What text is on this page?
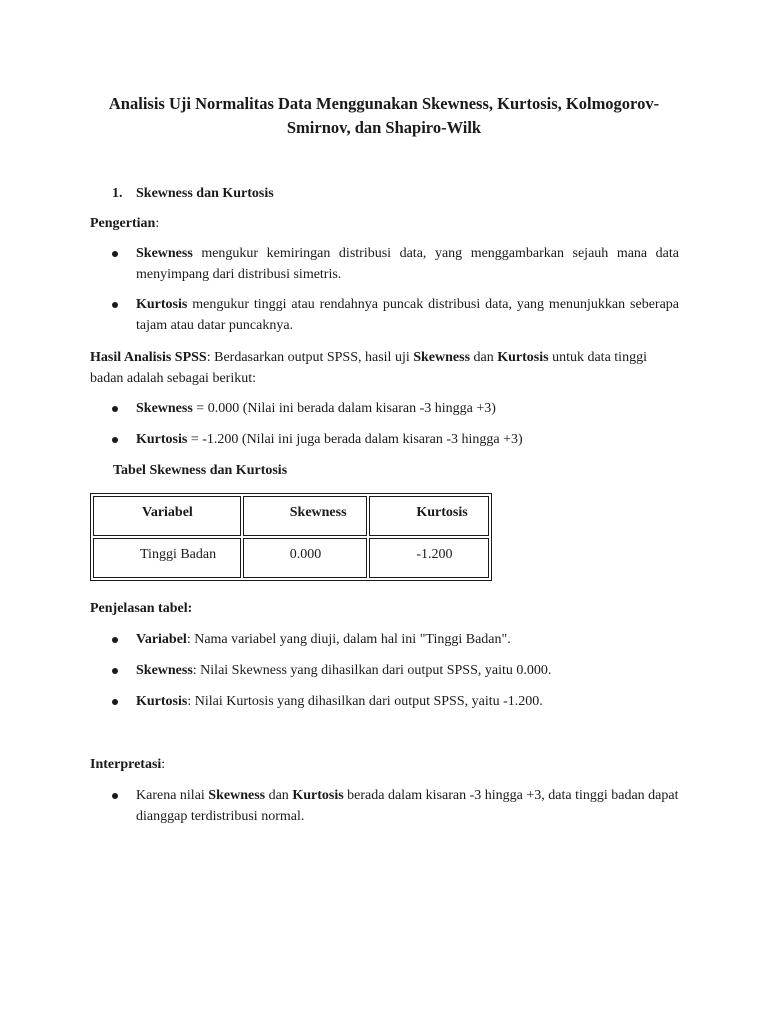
Analisis Uji Normalitas Data Menggunakan Skewness, Kurtosis, Kolmogorov-Smirnov, dan Shapiro-Wilk
1. Skewness dan Kurtosis
Pengertian:
Skewness mengukur kemiringan distribusi data, yang menggambarkan sejauh mana data menyimpang dari distribusi simetris.
Kurtosis mengukur tinggi atau rendahnya puncak distribusi data, yang menunjukkan seberapa tajam atau datar puncaknya.
Hasil Analisis SPSS: Berdasarkan output SPSS, hasil uji Skewness dan Kurtosis untuk data tinggi badan adalah sebagai berikut:
Skewness = 0.000 (Nilai ini berada dalam kisaran -3 hingga +3)
Kurtosis = -1.200 (Nilai ini juga berada dalam kisaran -3 hingga +3)
Tabel Skewness dan Kurtosis
Variabel	Skewness	Kurtosis

Tinggi Badan	0.000	-1.200
Penjelasan tabel:
Variabel: Nama variabel yang diuji, dalam hal ini "Tinggi Badan".
Skewness: Nilai Skewness yang dihasilkan dari output SPSS, yaitu 0.000.
Kurtosis: Nilai Kurtosis yang dihasilkan dari output SPSS, yaitu -1.200.
Interpretasi:
Karena nilai Skewness dan Kurtosis berada dalam kisaran -3 hingga +3, data tinggi badan dapat dianggap terdistribusi normal.
